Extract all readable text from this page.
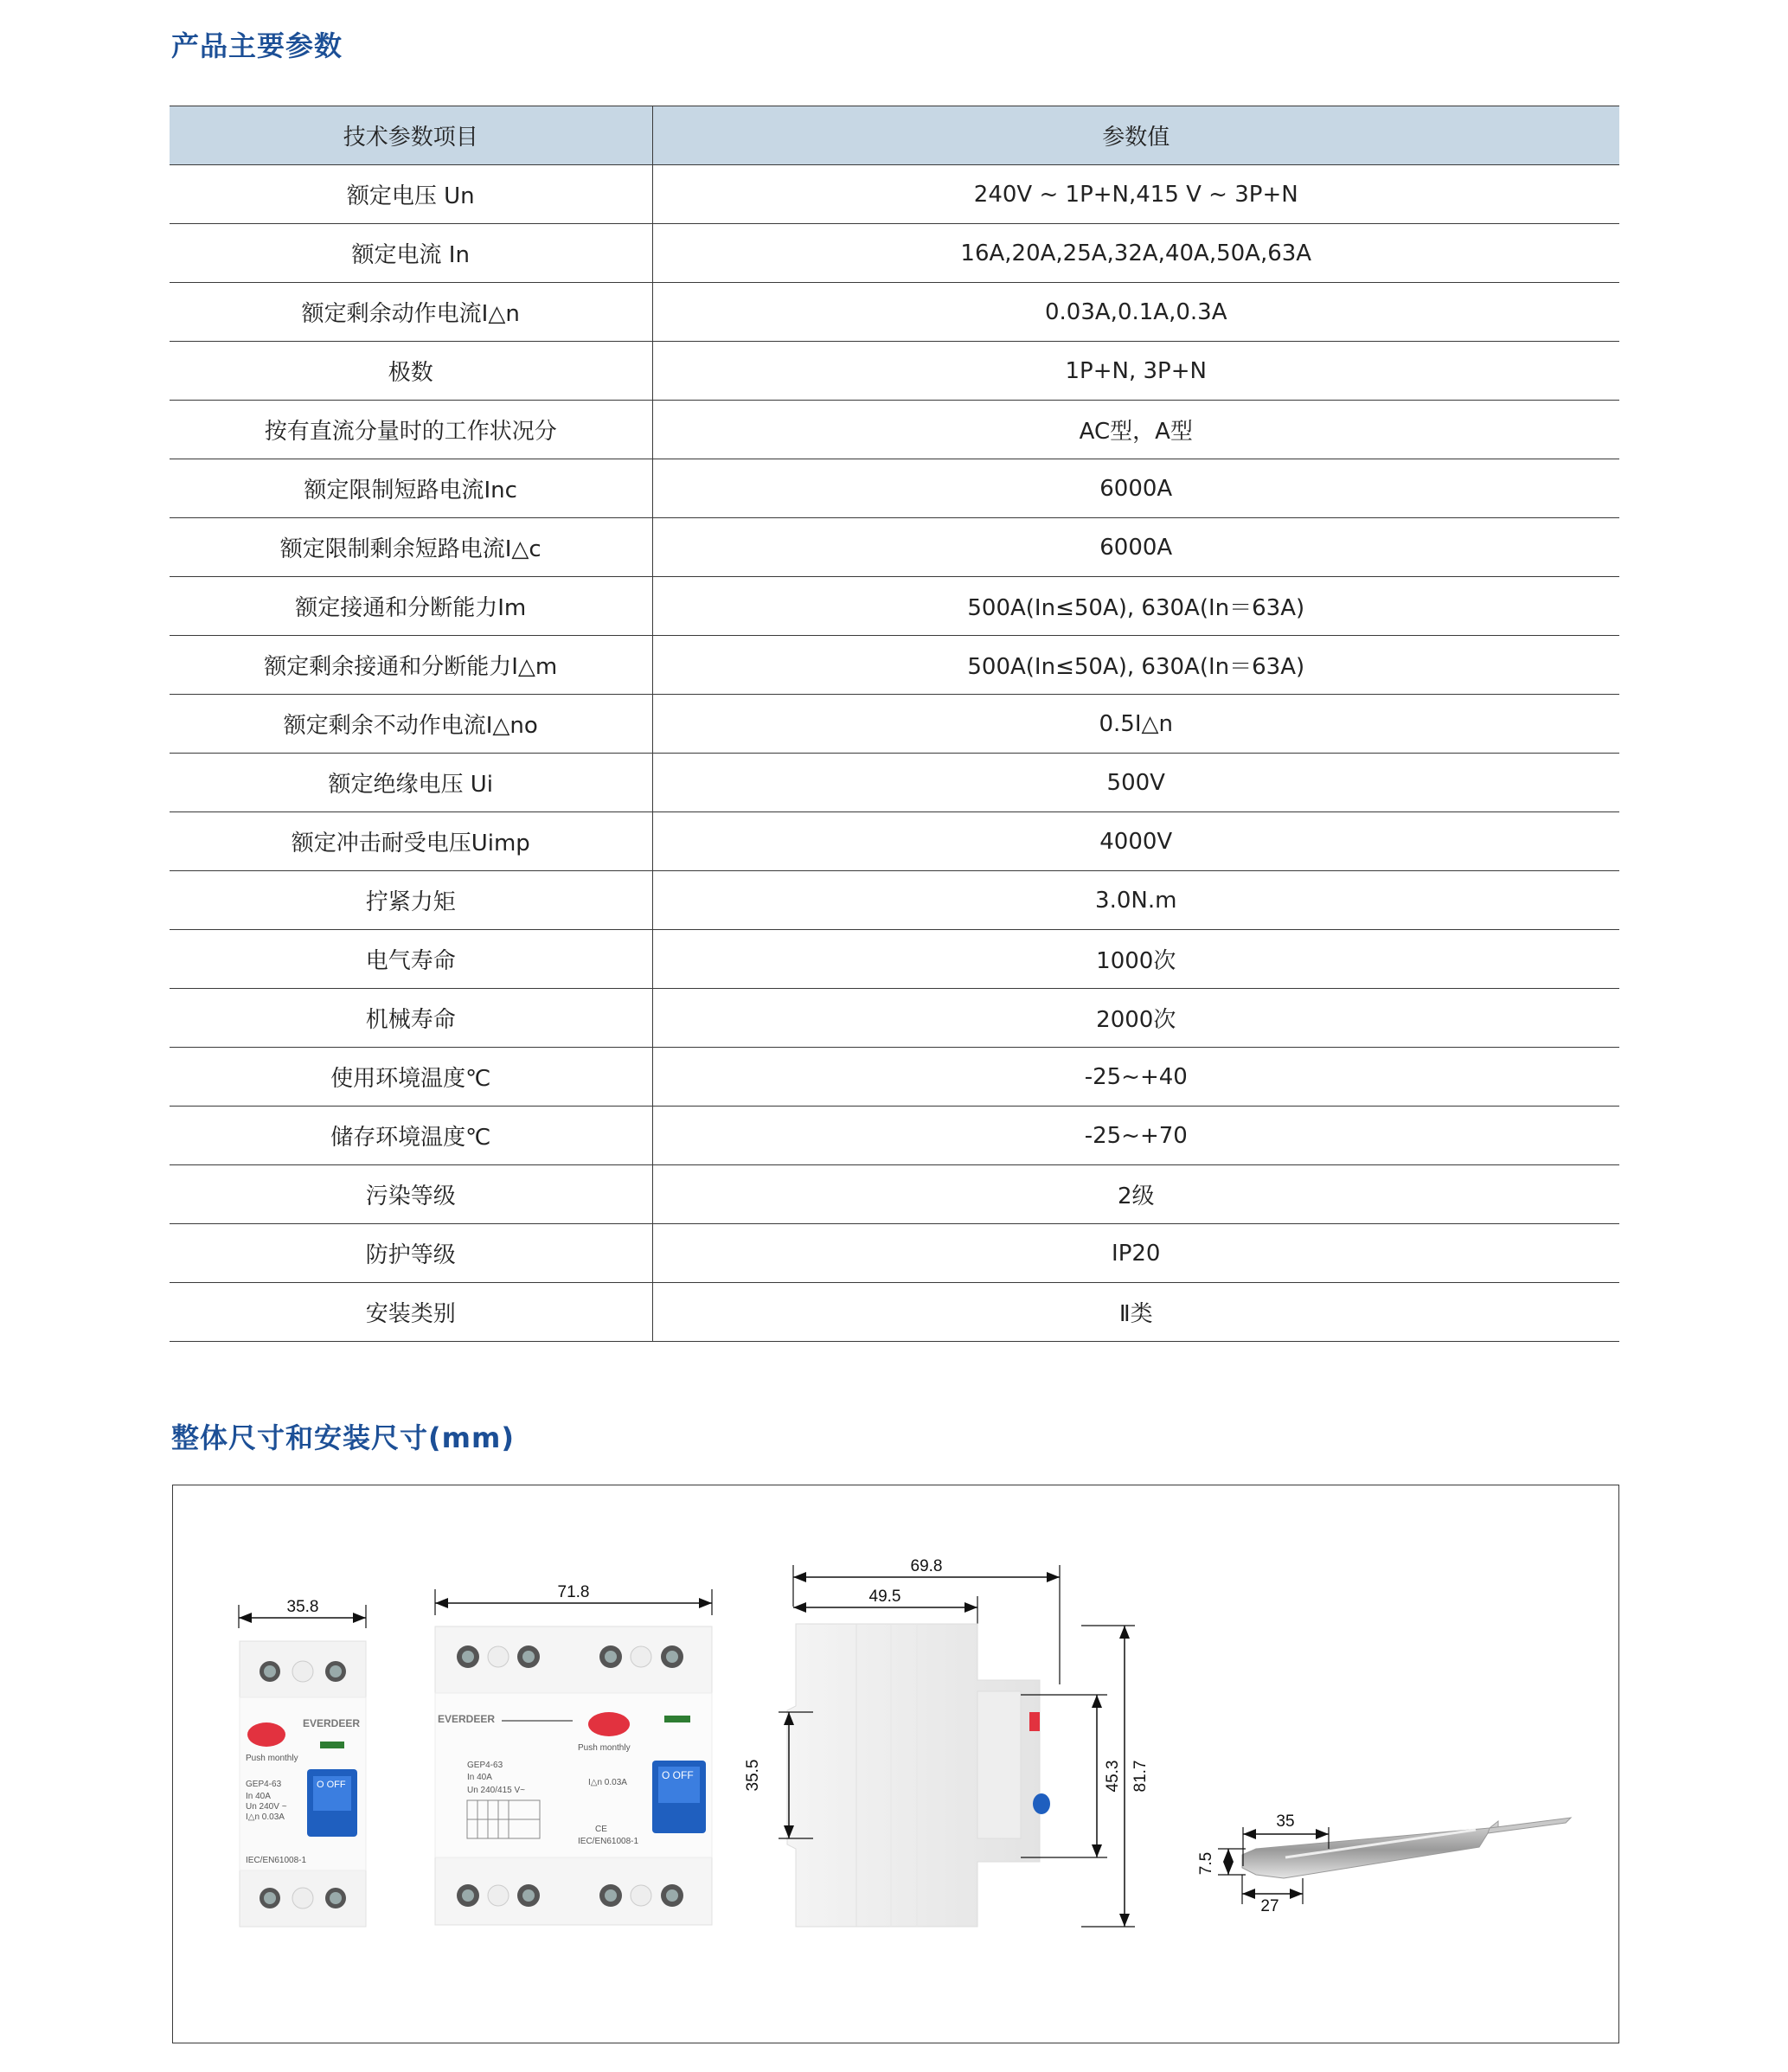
产品主要参数
技术参数项目	参数值
额定电压 Un	240V ~ 1P+N,415 V ~ 3P+N
额定电流 In	16A,20A,25A,32A,40A,50A,63A
额定剩余动作电流I△n	0.03A,0.1A,0.3A
极数	1P+N, 3P+N
按有直流分量时的工作状况分	AC型，A型
额定限制短路电流Inc	6000A
额定限制剩余短路电流I△c	6000A
额定接通和分断能力Im	500A(In≤50A), 630A(In＝63A)
额定剩余接通和分断能力I△m	500A(In≤50A), 630A(In＝63A)
额定剩余不动作电流I△no	0.5I△n
额定绝缘电压 Ui	500V
额定冲击耐受电压Uimp	4000V
拧紧力矩	3.0N.m
电气寿命	1000次
机械寿命	2000次
使用环境温度℃	-25~+40
储存环境温度℃	-25~+70
污染等级	2级
防护等级	IP20
安装类别	Ⅱ类
整体尺寸和安装尺寸(mm)
35.8
Push monthly
EVERDEER
GEP4-63
In 40A
Un 240V ~
I△n 0.03A
IEC/EN61008-1
O OFF
71.8
EVERDEER
Push monthly
GEP4-63
In 40A
Un 240/415 V~
I△n 0.03A
CE
IEC/EN61008-1
O OFF
69.8
49.5
35.5	45.3 81.7
35
7.5
27
